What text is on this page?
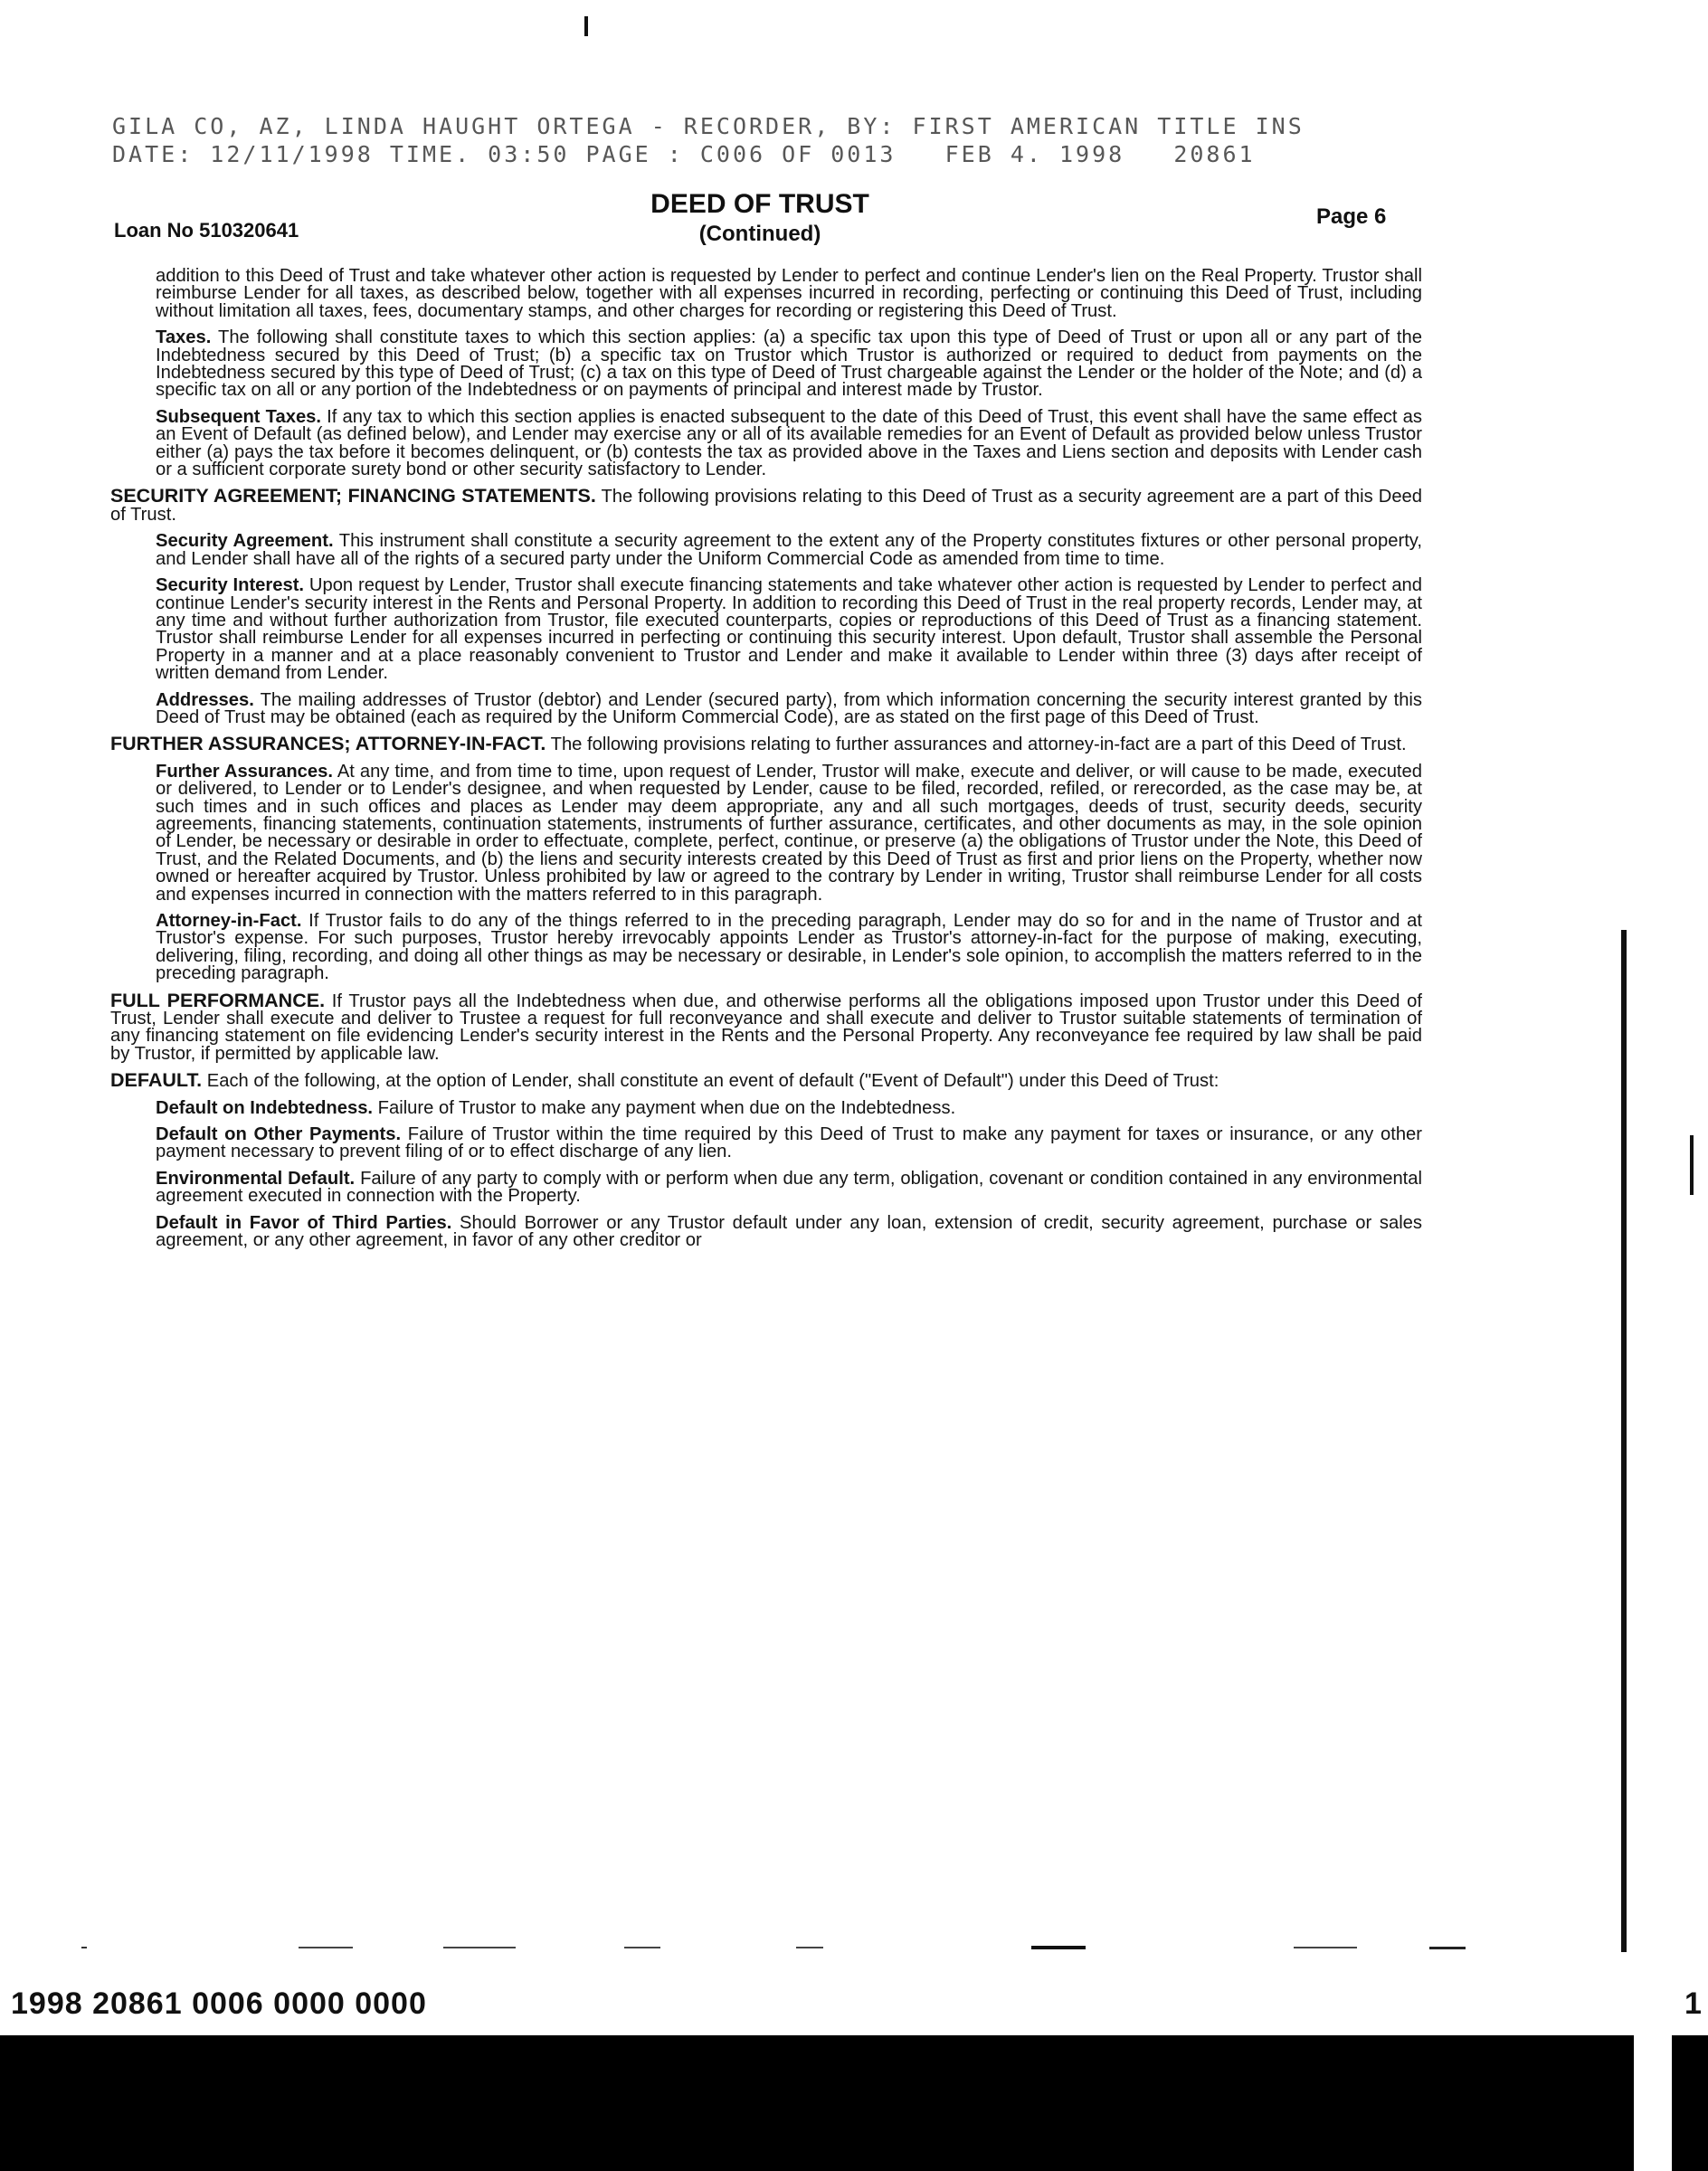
GILA CO, AZ, LINDA HAUGHT ORTEGA - RECORDER, BY: FIRST AMERICAN TITLE INS
DATE: 12/11/1998 TIME. 03:50 PAGE : C006 OF 0013   FEB 4. 1998   20861
Loan No 510320641
DEED OF TRUST
(Continued)
Page 6

addition to this Deed of Trust and take whatever other action is requested by Lender to perfect and continue Lender's lien on the Real Property. Trustor shall reimburse Lender for all taxes, as described below, together with all expenses incurred in recording, perfecting or continuing this Deed of Trust, including without limitation all taxes, fees, documentary stamps, and other charges for recording or registering this Deed of Trust.

Taxes. The following shall constitute taxes to which this section applies: (a) a specific tax upon this type of Deed of Trust or upon all or any part of the Indebtedness secured by this Deed of Trust; (b) a specific tax on Trustor which Trustor is authorized or required to deduct from payments on the Indebtedness secured by this type of Deed of Trust; (c) a tax on this type of Deed of Trust chargeable against the Lender or the holder of the Note; and (d) a specific tax on all or any portion of the Indebtedness or on payments of principal and interest made by Trustor.

Subsequent Taxes. If any tax to which this section applies is enacted subsequent to the date of this Deed of Trust, this event shall have the same effect as an Event of Default (as defined below), and Lender may exercise any or all of its available remedies for an Event of Default as provided below unless Trustor either (a) pays the tax before it becomes delinquent, or (b) contests the tax as provided above in the Taxes and Liens section and deposits with Lender cash or a sufficient corporate surety bond or other security satisfactory to Lender.

SECURITY AGREEMENT; FINANCING STATEMENTS. The following provisions relating to this Deed of Trust as a security agreement are a part of this Deed of Trust.

Security Agreement. This instrument shall constitute a security agreement to the extent any of the Property constitutes fixtures or other personal property, and Lender shall have all of the rights of a secured party under the Uniform Commercial Code as amended from time to time.

Security Interest. Upon request by Lender, Trustor shall execute financing statements and take whatever other action is requested by Lender to perfect and continue Lender's security interest in the Rents and Personal Property. In addition to recording this Deed of Trust in the real property records, Lender may, at any time and without further authorization from Trustor, file executed counterparts, copies or reproductions of this Deed of Trust as a financing statement. Trustor shall reimburse Lender for all expenses incurred in perfecting or continuing this security interest. Upon default, Trustor shall assemble the Personal Property in a manner and at a place reasonably convenient to Trustor and Lender and make it available to Lender within three (3) days after receipt of written demand from Lender.

Addresses. The mailing addresses of Trustor (debtor) and Lender (secured party), from which information concerning the security interest granted by this Deed of Trust may be obtained (each as required by the Uniform Commercial Code), are as stated on the first page of this Deed of Trust.

FURTHER ASSURANCES; ATTORNEY-IN-FACT. The following provisions relating to further assurances and attorney-in-fact are a part of this Deed of Trust.

Further Assurances. At any time, and from time to time, upon request of Lender, Trustor will make, execute and deliver, or will cause to be made, executed or delivered, to Lender or to Lender's designee, and when requested by Lender, cause to be filed, recorded, refiled, or rerecorded, as the case may be, at such times and in such offices and places as Lender may deem appropriate, any and all such mortgages, deeds of trust, security deeds, security agreements, financing statements, continuation statements, instruments of further assurance, certificates, and other documents as may, in the sole opinion of Lender, be necessary or desirable in order to effectuate, complete, perfect, continue, or preserve (a) the obligations of Trustor under the Note, this Deed of Trust, and the Related Documents, and (b) the liens and security interests created by this Deed of Trust as first and prior liens on the Property, whether now owned or hereafter acquired by Trustor. Unless prohibited by law or agreed to the contrary by Lender in writing, Trustor shall reimburse Lender for all costs and expenses incurred in connection with the matters referred to in this paragraph.

Attorney-in-Fact. If Trustor fails to do any of the things referred to in the preceding paragraph, Lender may do so for and in the name of Trustor and at Trustor's expense. For such purposes, Trustor hereby irrevocably appoints Lender as Trustor's attorney-in-fact for the purpose of making, executing, delivering, filing, recording, and doing all other things as may be necessary or desirable, in Lender's sole opinion, to accomplish the matters referred to in the preceding paragraph.

FULL PERFORMANCE. If Trustor pays all the Indebtedness when due, and otherwise performs all the obligations imposed upon Trustor under this Deed of Trust, Lender shall execute and deliver to Trustee a request for full reconveyance and shall execute and deliver to Trustor suitable statements of termination of any financing statement on file evidencing Lender's security interest in the Rents and the Personal Property. Any reconveyance fee required by law shall be paid by Trustor, if permitted by applicable law.

DEFAULT. Each of the following, at the option of Lender, shall constitute an event of default ("Event of Default") under this Deed of Trust:

Default on Indebtedness. Failure of Trustor to make any payment when due on the Indebtedness.

Default on Other Payments. Failure of Trustor within the time required by this Deed of Trust to make any payment for taxes or insurance, or any other payment necessary to prevent filing of or to effect discharge of any lien.

Environmental Default. Failure of any party to comply with or perform when due any term, obligation, covenant or condition contained in any environmental agreement executed in connection with the Property.

Default in Favor of Third Parties. Should Borrower or any Trustor default under any loan, extension of credit, security agreement, purchase or sales agreement, or any other agreement, in favor of any other creditor or

1998 20861 0006 0000 0000	1
